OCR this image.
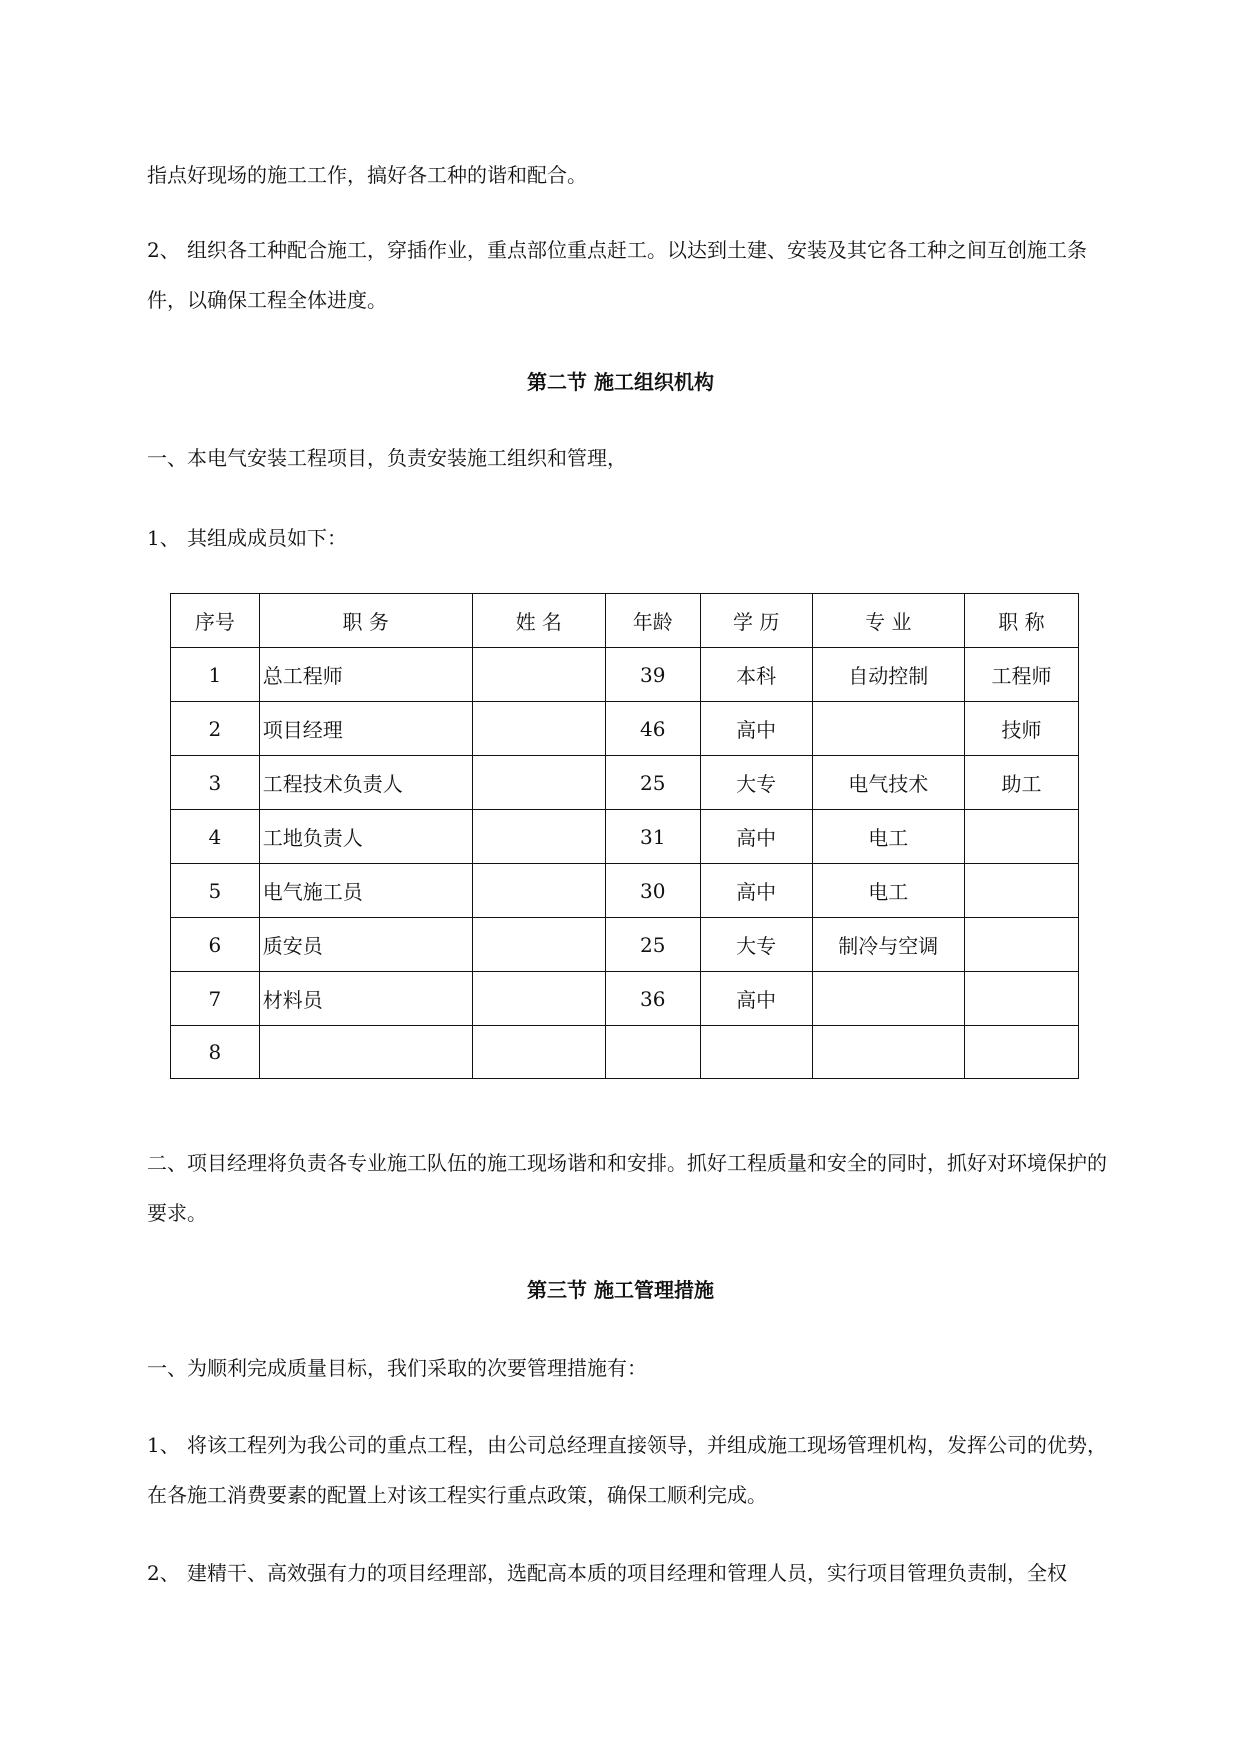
指点好现场的施工工作，搞好各工种的谐和配合。

2、 组织各工种配合施工，穿插作业，重点部位重点赶工。以达到土建、安装及其它各工种之间互创施工条件，以确保工程全体进度。

第二节 施工组织机构

一、本电气安装工程项目，负责安装施工组织和管理，

1、 其组成成员如下：

序号	职 务	姓 名	年龄	学 历	专 业	职 称
1	总工程师		39	本科	自动控制	工程师
2	项目经理		46	高中		技师
3	工程技术负责人		25	大专	电气技术	助工
4	工地负责人		31	高中	电工	
5	电气施工员		30	高中	电工	
6	质安员		25	大专	制冷与空调	
7	材料员		36	高中		
8						

二、项目经理将负责各专业施工队伍的施工现场谐和和安排。抓好工程质量和安全的同时，抓好对环境保护的要求。

第三节 施工管理措施

一、为顺利完成质量目标，我们采取的次要管理措施有：

1、 将该工程列为我公司的重点工程，由公司总经理直接领导，并组成施工现场管理机构，发挥公司的优势，在各施工消费要素的配置上对该工程实行重点政策，确保工顺利完成。

2、 建精干、高效强有力的项目经理部，选配高本质的项目经理和管理人员，实行项目管理负责制，全权
